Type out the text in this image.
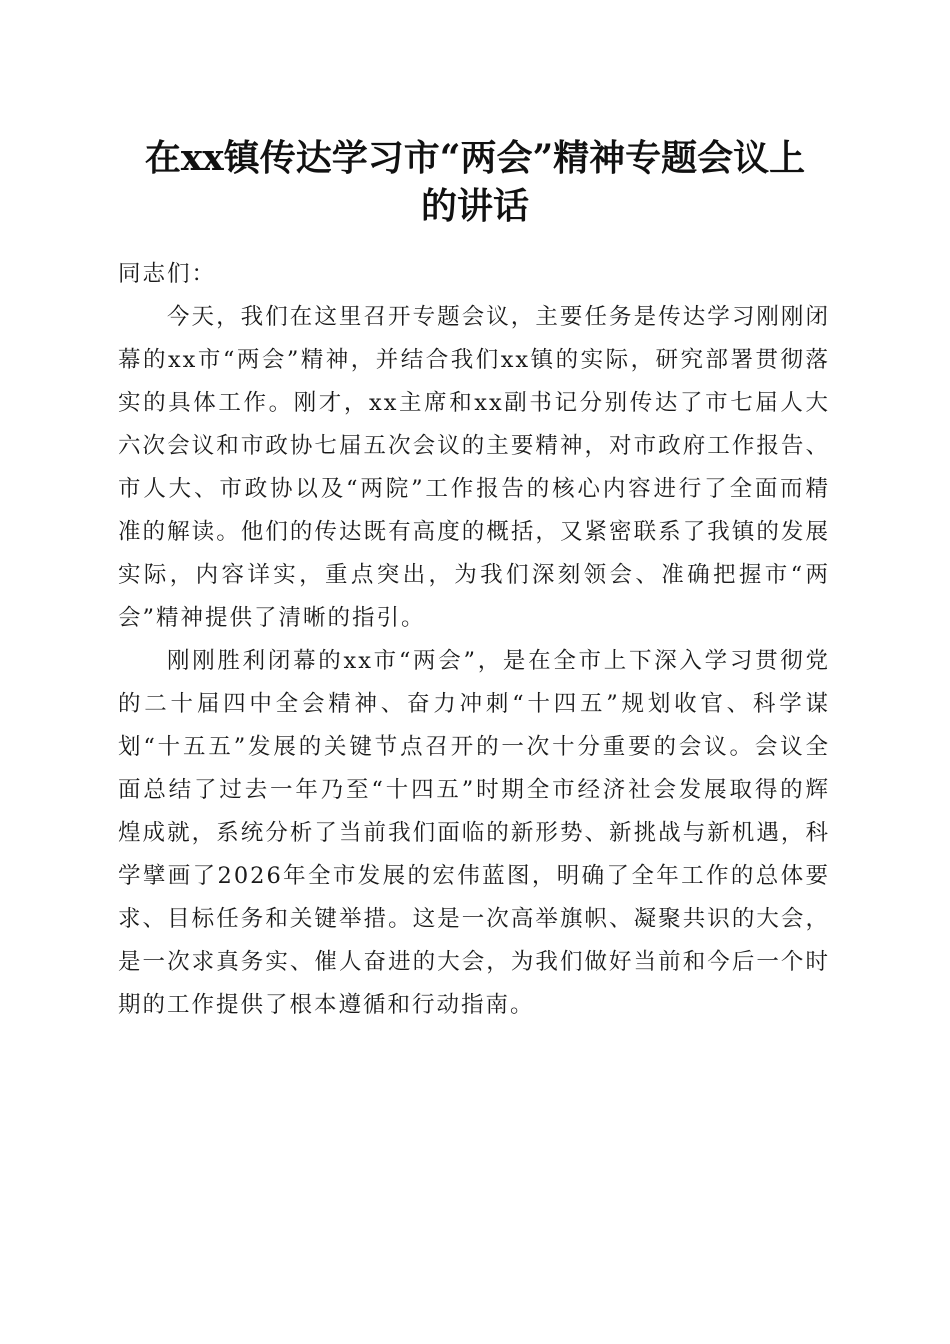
在xx镇传达学习市“两会”精神专题会议上
的讲话

同志们：

今天，我们在这里召开专题会议，主要任务是传达学习刚刚闭幕的xx市“两会”精神，并结合我们xx镇的实际，研究部署贯彻落实的具体工作。刚才，xx主席和xx副书记分别传达了市七届人大六次会议和市政协七届五次会议的主要精神，对市政府工作报告、市人大、市政协以及“两院”工作报告的核心内容进行了全面而精准的解读。他们的传达既有高度的概括，又紧密联系了我镇的发展实际，内容详实，重点突出，为我们深刻领会、准确把握市“两会”精神提供了清晰的指引。

刚刚胜利闭幕的xx市“两会”，是在全市上下深入学习贯彻党的二十届四中全会精神、奋力冲刺“十四五”规划收官、科学谋划“十五五”发展的关键节点召开的一次十分重要的会议。会议全面总结了过去一年乃至“十四五”时期全市经济社会发展取得的辉煌成就，系统分析了当前我们面临的新形势、新挑战与新机遇，科学擘画了2026年全市发展的宏伟蓝图，明确了全年工作的总体要求、目标任务和关键举措。这是一次高举旗帜、凝聚共识的大会，是一次求真务实、催人奋进的大会，为我们做好当前和今后一个时期的工作提供了根本遵循和行动指南。
